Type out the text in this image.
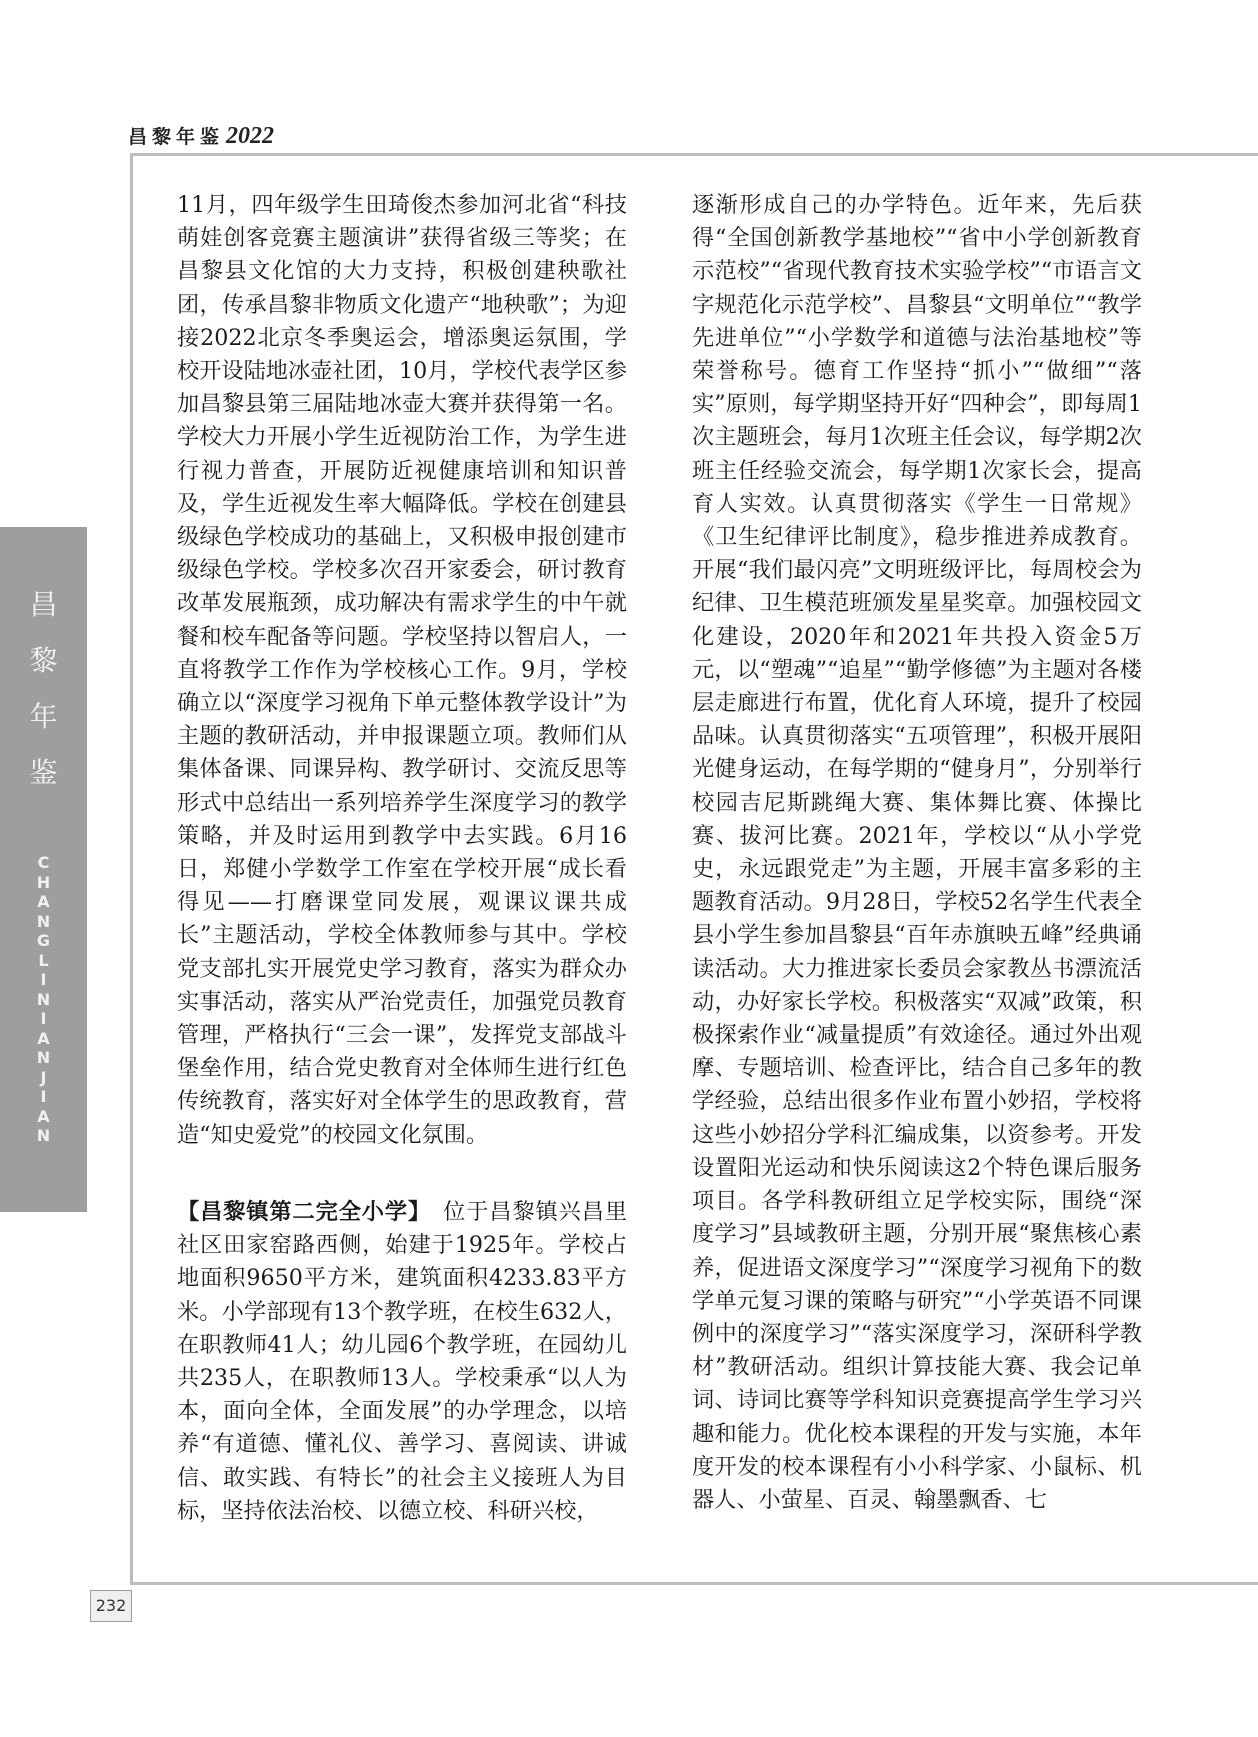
昌黎年鉴2022
昌
黎
年
鉴
C
H
A
N
G
L
I
N
I
A
N
J
I
A
N

11月，四年级学生田琦俊杰参加河北省“科技萌娃创客竞赛主题演讲”获得省级三等奖；在昌黎县文化馆的大力支持，积极创建秧歌社团，传承昌黎非物质文化遗产“地秧歌”；为迎接2022北京冬季奥运会，增添奥运氛围，学校开设陆地冰壶社团，10月，学校代表学区参加昌黎县第三届陆地冰壶大赛并获得第一名。学校大力开展小学生近视防治工作，为学生进行视力普查，开展防近视健康培训和知识普及，学生近视发生率大幅降低。学校在创建县级绿色学校成功的基础上，又积极申报创建市级绿色学校。学校多次召开家委会，研讨教育改革发展瓶颈，成功解决有需求学生的中午就餐和校车配备等问题。学校坚持以智启人，一直将教学工作作为学校核心工作。9月，学校确立以“深度学习视角下单元整体教学设计”为主题的教研活动，并申报课题立项。教师们从集体备课、同课异构、教学研讨、交流反思等形式中总结出一系列培养学生深度学习的教学策略，并及时运用到教学中去实践。6月16日，郑健小学数学工作室在学校开展“成长看得见——打磨课堂同发展，观课议课共成长”主题活动，学校全体教师参与其中。学校党支部扎实开展党史学习教育，落实为群众办实事活动，落实从严治党责任，加强党员教育管理，严格执行“三会一课”，发挥党支部战斗堡垒作用，结合党史教育对全体师生进行红色传统教育，落实好对全体学生的思政教育，营造“知史爱党”的校园文化氛围。

【昌黎镇第二完全小学】　 位于昌黎镇兴昌里社区田家窑路西侧，始建于1925年。学校占地面积9650平方米，建筑面积4233.83平方米。小学部现有13个教学班，在校生632人，在职教师41人；幼儿园6个教学班，在园幼儿共235人，在职教师13人。学校秉承“以人为本，面向全体，全面发展”的办学理念，以培养“有道德、懂礼仪、善学习、喜阅读、讲诚信、敢实践、有特长”的社会主义接班人为目标，坚持依法治校、以德立校、科研兴校，

逐渐形成自己的办学特色。近年来，先后获得“全国创新教学基地校”“省中小学创新教育示范校”“省现代教育技术实验学校”“市语言文字规范化示范学校”、昌黎县“文明单位”“教学先进单位”“小学数学和道德与法治基地校”等荣誉称号。德育工作坚持“抓小”“做细”“落实”原则，每学期坚持开好“四种会”，即每周1次主题班会，每月1次班主任会议，每学期2次班主任经验交流会，每学期1次家长会，提高育人实效。认真贯彻落实《学生一日常规》《卫生纪律评比制度》，稳步推进养成教育。开展“我们最闪亮”文明班级评比，每周校会为纪律、卫生模范班颁发星星奖章。加强校园文化建设，2020年和2021年共投入资金5万元，以“塑魂”“追星”“勤学修德”为主题对各楼层走廊进行布置，优化育人环境，提升了校园品味。认真贯彻落实“五项管理”，积极开展阳光健身运动，在每学期的“健身月”，分别举行校园吉尼斯跳绳大赛、集体舞比赛、体操比赛、拔河比赛。2021年，学校以“从小学党史，永远跟党走”为主题，开展丰富多彩的主题教育活动。9月28日，学校52名学生代表全县小学生参加昌黎县“百年赤旗映五峰”经典诵读活动。大力推进家长委员会家教丛书漂流活动，办好家长学校。积极落实“双减”政策，积极探索作业“减量提质”有效途径。通过外出观摩、专题培训、检查评比，结合自己多年的教学经验，总结出很多作业布置小妙招，学校将这些小妙招分学科汇编成集，以资参考。开发设置阳光运动和快乐阅读这2个特色课后服务项目。各学科教研组立足学校实际，围绕“深度学习”县域教研主题，分别开展“聚焦核心素养，促进语文深度学习”“深度学习视角下的数学单元复习课的策略与研究”“小学英语不同课例中的深度学习”“落实深度学习，深研科学教材”教研活动。组织计算技能大赛、我会记单词、诗词比赛等学科知识竞赛提高学生学习兴趣和能力。优化校本课程的开发与实施，本年度开发的校本课程有小小科学家、小鼠标、机器人、小萤星、百灵、翰墨飘香、七

232
